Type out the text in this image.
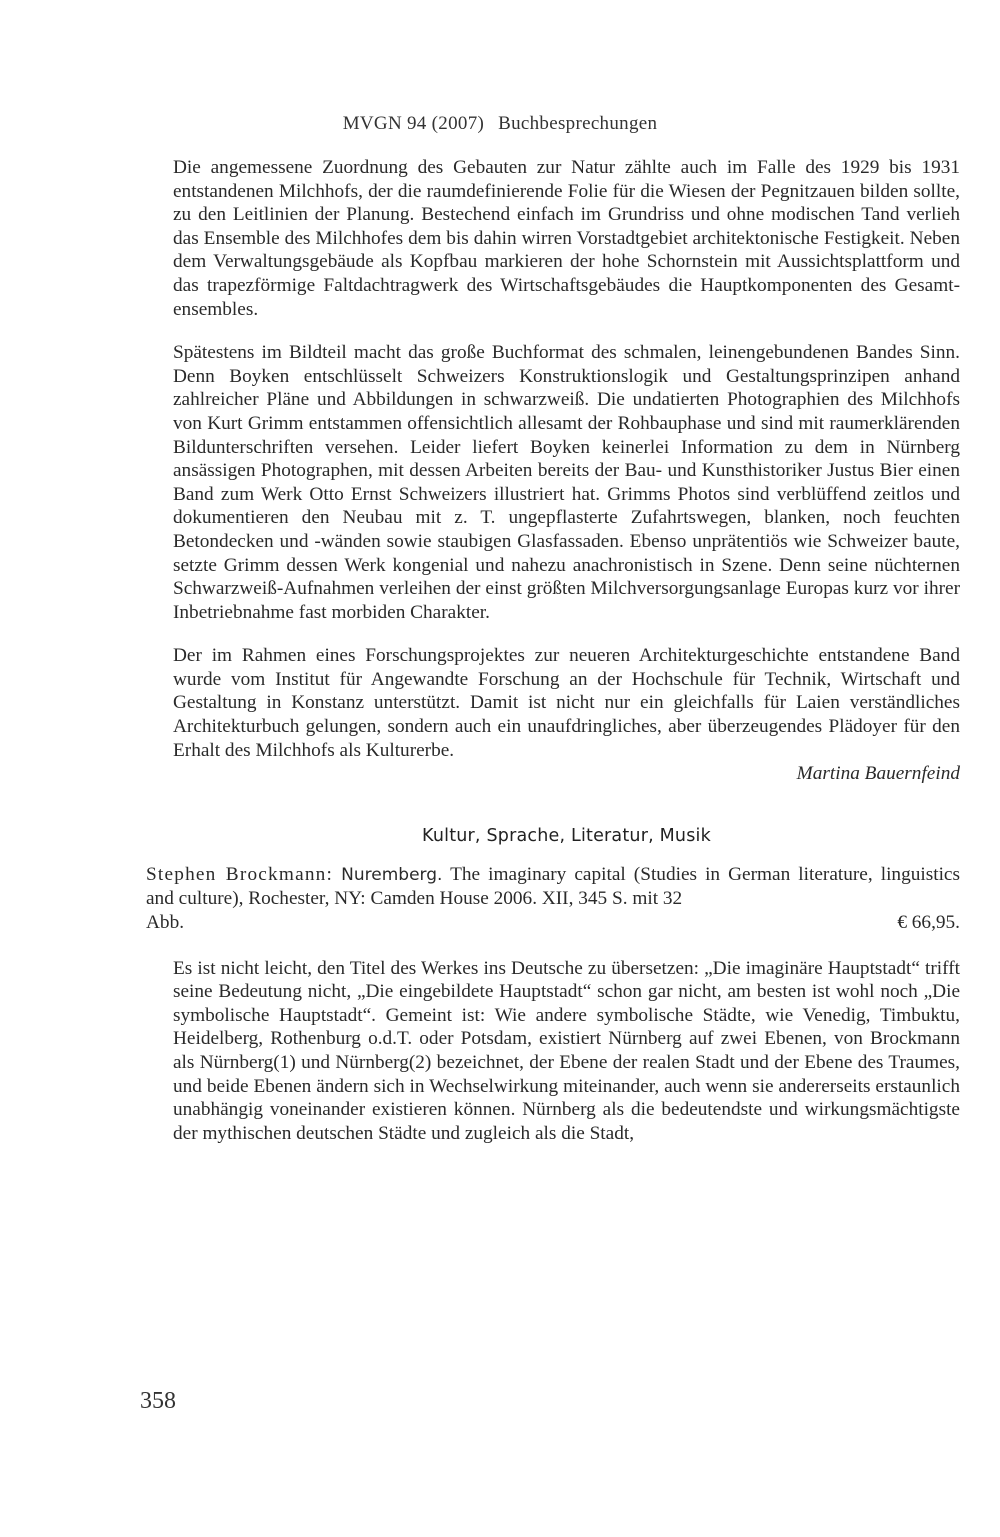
MVGN 94 (2007) Buchbesprechungen

Die angemessene Zuordnung des Gebauten zur Natur zählte auch im Falle des 1929 bis 1931 entstandenen Milchhofs, der die raumdefinierende Folie für die Wiesen der Pegnitzauen bilden sollte, zu den Leitlinien der Planung. Bestechend einfach im Grundriss und ohne modischen Tand verlieh das Ensemble des Milchhofes dem bis dahin wirren Vorstadtgebiet architektonische Festigkeit. Neben dem Verwaltungsgebäude als Kopfbau markieren der hohe Schornstein mit Aussichtsplattform und das trapezförmige Faltdachtragwerk des Wirtschaftsgebäudes die Hauptkomponenten des Gesamtensembles.

Spätestens im Bildteil macht das große Buchformat des schmalen, leinengebundenen Bandes Sinn. Denn Boyken entschlüsselt Schweizers Konstruktionslogik und Gestaltungsprinzipen anhand zahlreicher Pläne und Abbildungen in schwarzweiß. Die undatierten Photographien des Milchhofs von Kurt Grimm entstammen offensichtlich allesamt der Rohbauphase und sind mit raumerklärenden Bildunterschriften versehen. Leider liefert Boyken keinerlei Information zu dem in Nürnberg ansässigen Photographen, mit dessen Arbeiten bereits der Bau- und Kunsthistoriker Justus Bier einen Band zum Werk Otto Ernst Schweizers illustriert hat. Grimms Photos sind verblüffend zeitlos und dokumentieren den Neubau mit z. T. ungepflasterte Zufahrtswegen, blanken, noch feuchten Betondecken und -wänden sowie staubigen Glasfassaden. Ebenso unprätentiös wie Schweizer baute, setzte Grimm dessen Werk kongenial und nahezu anachronistisch in Szene. Denn seine nüchternen Schwarzweiß-Aufnahmen verleihen der einst größten Milchversorgungsanlage Europas kurz vor ihrer Inbetriebnahme fast morbiden Charakter.

Der im Rahmen eines Forschungsprojektes zur neueren Architekturgeschichte entstandene Band wurde vom Institut für Angewandte Forschung an der Hochschule für Technik, Wirtschaft und Gestaltung in Konstanz unterstützt. Damit ist nicht nur ein gleichfalls für Laien verständliches Architekturbuch gelungen, sondern auch ein unaufdringliches, aber überzeugendes Plädoyer für den Erhalt des Milchhofs als Kulturerbe.

Martina Bauernfeind

Kultur, Sprache, Literatur, Musik

Stephen Brockmann: Nuremberg. The imaginary capital (Studies in German literature, linguistics and culture), Rochester, NY: Camden House 2006. XII, 345 S. mit 32

Abb.	€ 66,95.

Es ist nicht leicht, den Titel des Werkes ins Deutsche zu übersetzen: „Die imaginäre Hauptstadt“ trifft seine Bedeutung nicht, „Die eingebildete Hauptstadt“ schon gar nicht, am besten ist wohl noch „Die symbolische Hauptstadt“. Gemeint ist: Wie andere symbolische Städte, wie Venedig, Timbuktu, Heidelberg, Rothenburg o.d.T. oder Potsdam, existiert Nürnberg auf zwei Ebenen, von Brockmann als Nürnberg(1) und Nürnberg(2) bezeichnet, der Ebene der realen Stadt und der Ebene des Traumes, und beide Ebenen ändern sich in Wechselwirkung miteinander, auch wenn sie andererseits erstaunlich unabhängig voneinander existieren können. Nürnberg als die bedeutendste und wirkungsmächtigste der mythischen deutschen Städte und zugleich als die Stadt,

358
